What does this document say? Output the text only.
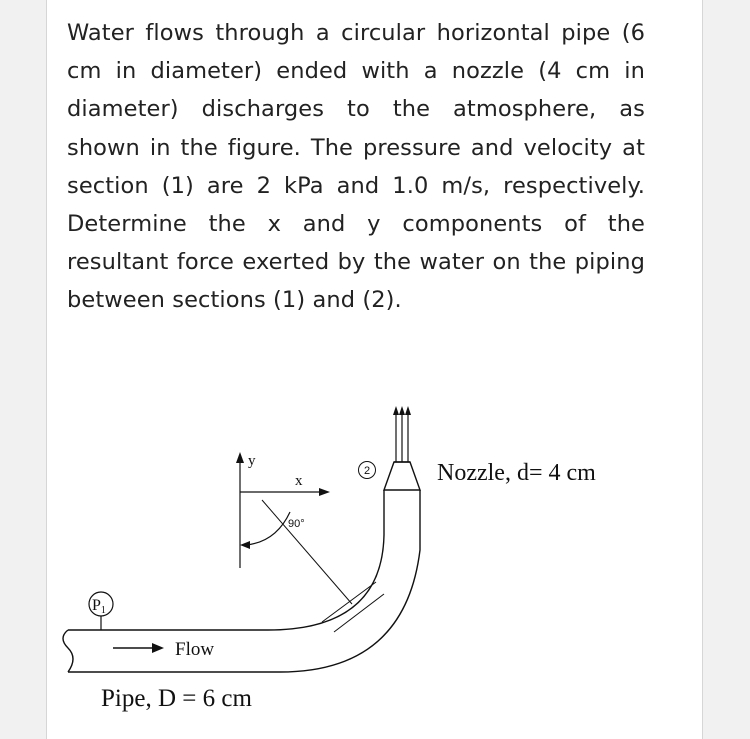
Water flows through a circular horizontal pipe (6 cm in diameter) ended with a nozzle (4 cm in diameter) discharges to the atmosphere, as shown in the figure. The pressure and velocity at section (1) are 2 kPa and 1.0 m/s, respectively. Determine the x and y components of the resultant force exerted by the water on the piping between sections (1) and (2).

y
x
90°
2
P1
Flow
Nozzle, d= 4 cm
Pipe, D = 6 cm
